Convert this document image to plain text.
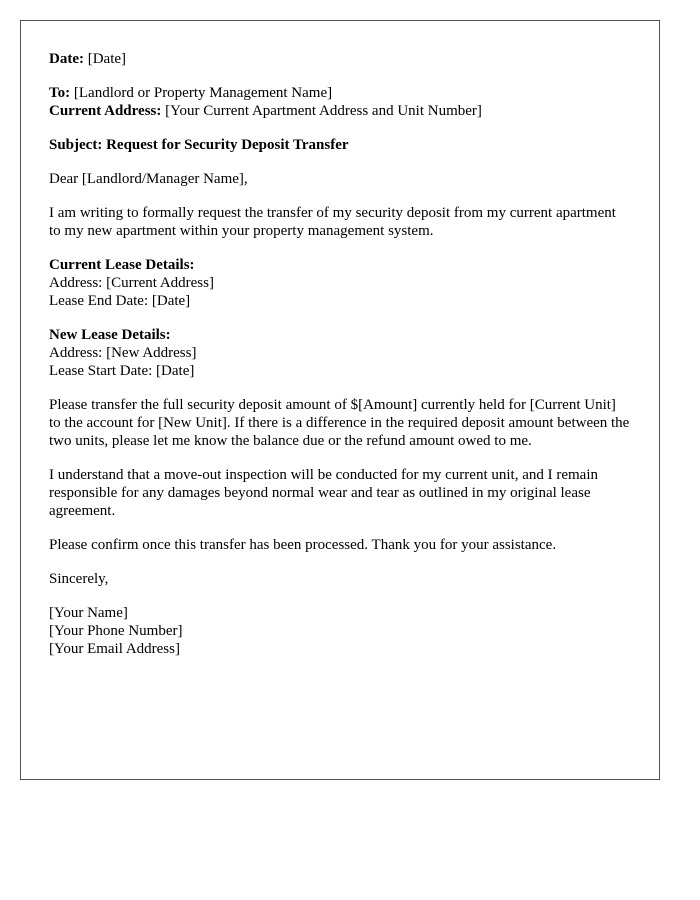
Date: [Date]

To: [Landlord or Property Management Name]
Current Address: [Your Current Apartment Address and Unit Number]

Subject: Request for Security Deposit Transfer

Dear [Landlord/Manager Name],

I am writing to formally request the transfer of my security deposit from my current apartment to my new apartment within your property management system.

Current Lease Details:
Address: [Current Address]
Lease End Date: [Date]

New Lease Details:
Address: [New Address]
Lease Start Date: [Date]

Please transfer the full security deposit amount of $[Amount] currently held for [Current Unit] to the account for [New Unit]. If there is a difference in the required deposit amount between the two units, please let me know the balance due or the refund amount owed to me.

I understand that a move-out inspection will be conducted for my current unit, and I remain responsible for any damages beyond normal wear and tear as outlined in my original lease agreement.

Please confirm once this transfer has been processed. Thank you for your assistance.

Sincerely,

[Your Name]
[Your Phone Number]
[Your Email Address]
